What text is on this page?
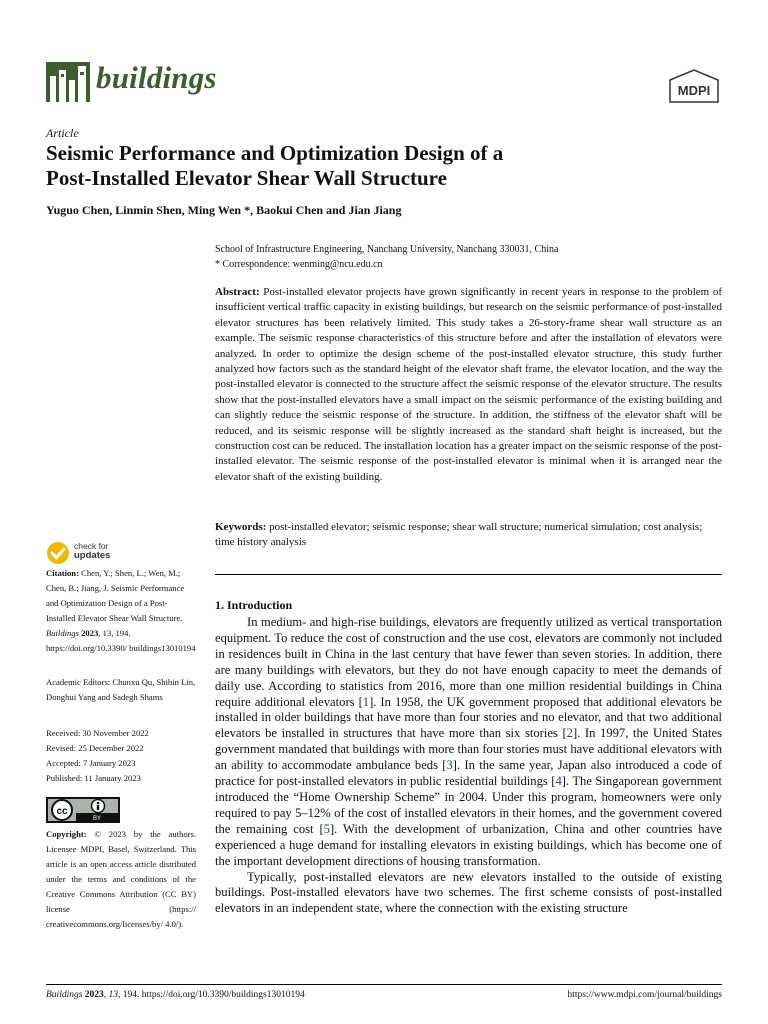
buildings	MDPI
Article
Seismic Performance and Optimization Design of a
Post-Installed Elevator Shear Wall Structure
Yuguo Chen, Linmin Shen, Ming Wen *, Baokui Chen and Jian Jiang
School of Infrastructure Engineering, Nanchang University, Nanchang 330031, China
* Correspondence: wenming@ncu.edu.cn
Abstract: Post-installed elevator projects have grown significantly in recent years in response to the problem of insufficient vertical traffic capacity in existing buildings, but research on the seismic performance of post-installed elevator structures has been relatively limited. This study takes a 26-story-frame shear wall structure as an example. The seismic response characteristics of this structure before and after the installation of elevators were analyzed. In order to optimize the design scheme of the post-installed elevator structure, this study further analyzed how factors such as the standard height of the elevator shaft frame, the elevator location, and the way the post-installed elevator is connected to the structure affect the seismic response of the elevator structure. The results show that the post-installed elevators have a small impact on the seismic performance of the existing building and can slightly reduce the seismic response of the structure. In addition, the stiffness of the elevator shaft will be reduced, and its seismic response will be slightly increased as the standard shaft height is increased, but the construction cost can be reduced. The installation location has a greater impact on the seismic response of the post-installed elevator. The seismic response of the post-installed elevator is minimal when it is arranged near the elevator shaft of the existing building.
Keywords: post-installed elevator; seismic response; shear wall structure; numerical simulation; cost analysis; time history analysis
check for
updates
Citation: Chen, Y.; Shen, L.; Wen, M.; Chen, B.; Jiang, J. Seismic Performance and Optimization Design of a Post-Installed Elevator Shear Wall Structure. Buildings 2023, 13, 194. https://doi.org/10.3390/ buildings13010194
Academic Editors: Chunxu Qu, Shibin Lin, Donghui Yang and Sadegh Shams
Received: 30 November 2022
Revised: 25 December 2022
Accepted: 7 January 2023
Published: 11 January 2023
cc
BY
Copyright: © 2023 by the authors. Licensee MDPI, Basel, Switzerland. This article is an open access article distributed under the terms and conditions of the Creative Commons Attribution (CC BY) license (https:// creativecommons.org/licenses/by/ 4.0/).
1. Introduction

In medium- and high-rise buildings, elevators are frequently utilized as vertical transportation equipment. To reduce the cost of construction and the use cost, elevators are commonly not included in residences built in China in the last century that have fewer than seven stories. In addition, there are many buildings with elevators, but they do not have enough capacity to meet the demands of daily use. According to statistics from 2016, more than one million residential buildings in China require additional elevators [1]. In 1958, the UK government proposed that additional elevators be installed in older buildings that have more than four stories and no elevator, and that two additional elevators be installed in structures that have more than six stories [2]. In 1997, the United States government mandated that buildings with more than four stories must have additional elevators with an ability to accommodate ambulance beds [3]. In the same year, Japan also introduced a code of practice for post-installed elevators in public residential buildings [4]. The Singaporean government introduced the “Home Ownership Scheme” in 2004. Under this program, homeowners were only required to pay 5–12% of the cost of installed elevators in their homes, and the government covered the remaining cost [5]. With the development of urbanization, China and other countries have experienced a huge demand for installing elevators in existing buildings, which has become one of the important development directions of housing transformation.

Typically, post-installed elevators are new elevators installed to the outside of existing buildings. Post-installed elevators have two schemes. The first scheme consists of post-installed elevators in an independent state, where the connection with the existing structure

Buildings 2023, 13, 194. https://doi.org/10.3390/buildings13010194	https://www.mdpi.com/journal/buildings
